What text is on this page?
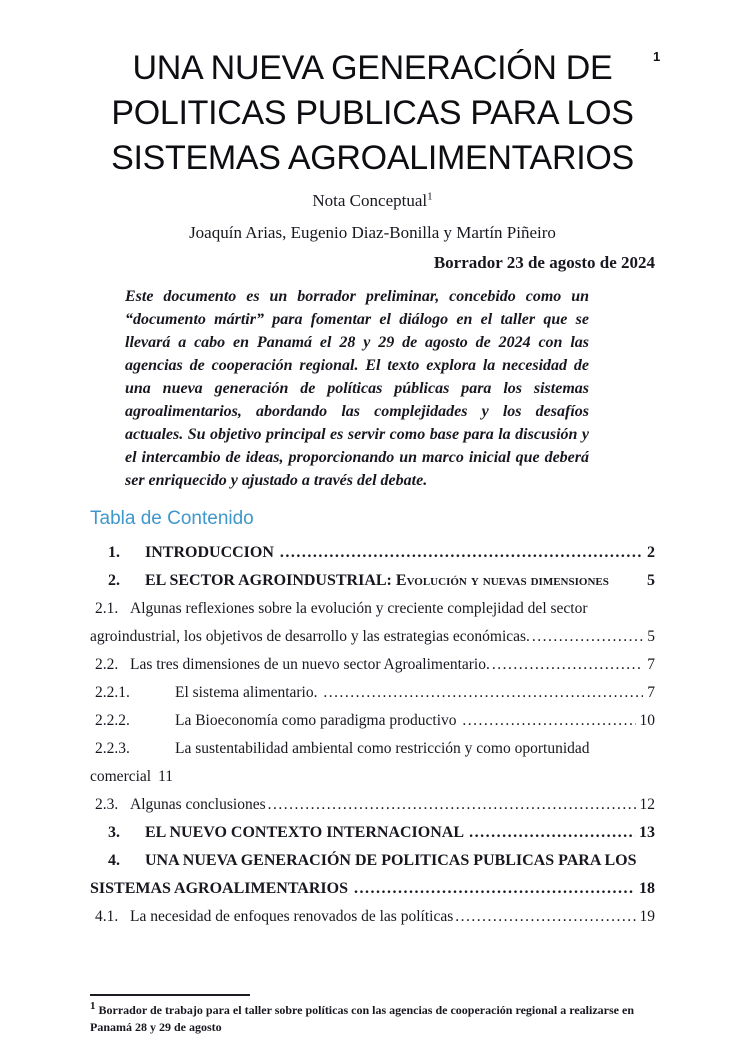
1
UNA NUEVA GENERACIÓN DE
POLITICAS PUBLICAS PARA LOS
SISTEMAS AGROALIMENTARIOS
Nota Conceptual$^1$
Joaquín Arias, Eugenio Diaz-Bonilla y Martín Piñeiro
Borrador 23 de agosto de 2024
Este documento es un borrador preliminar, concebido como un “documento mártir” para fomentar el diálogo en el taller que se llevará a cabo en Panamá el 28 y 29 de agosto de 2024 con las agencias de cooperación regional. El texto explora la necesidad de una nueva generación de políticas públicas para los sistemas agroalimentarios, abordando las complejidades y los desafíos actuales. Su objetivo principal es servir como base para la discusión y el intercambio de ideas, proporcionando un marco inicial que deberá ser enriquecido y ajustado a través del debate.
Tabla de Contenido
1.	INTRODUCCION .....	2
2.	EL SECTOR AGROINDUSTRIAL: Evolución y nuevas dimensiones 5
2.1. Algunas reflexiones sobre la evolución y creciente complejidad del sector
agroindustrial, los objetivos de desarrollo y las estrategias económicas. .....	5
2.2. Las tres dimensiones de un nuevo sector Agroalimentario. .....	7
2.2.1.	El sistema alimentario. .....	7
2.2.2.	La Bioeconomía como paradigma productivo .....	10
2.2.3.	La sustentabilidad ambiental como restricción y como oportunidad
comercial 11
2.3. Algunas conclusiones .....	12
3.	EL NUEVO CONTEXTO INTERNACIONAL .....	13
4.	UNA NUEVA GENERACIÓN DE POLITICAS PUBLICAS PARA LOS
SISTEMAS AGROALIMENTARIOS .....	18
4.1. La necesidad de enfoques renovados de las políticas .....	19
$^1$ Borrador de trabajo para el taller sobre políticas con las agencias de cooperación regional a realizarse en Panamá 28 y 29 de agosto
